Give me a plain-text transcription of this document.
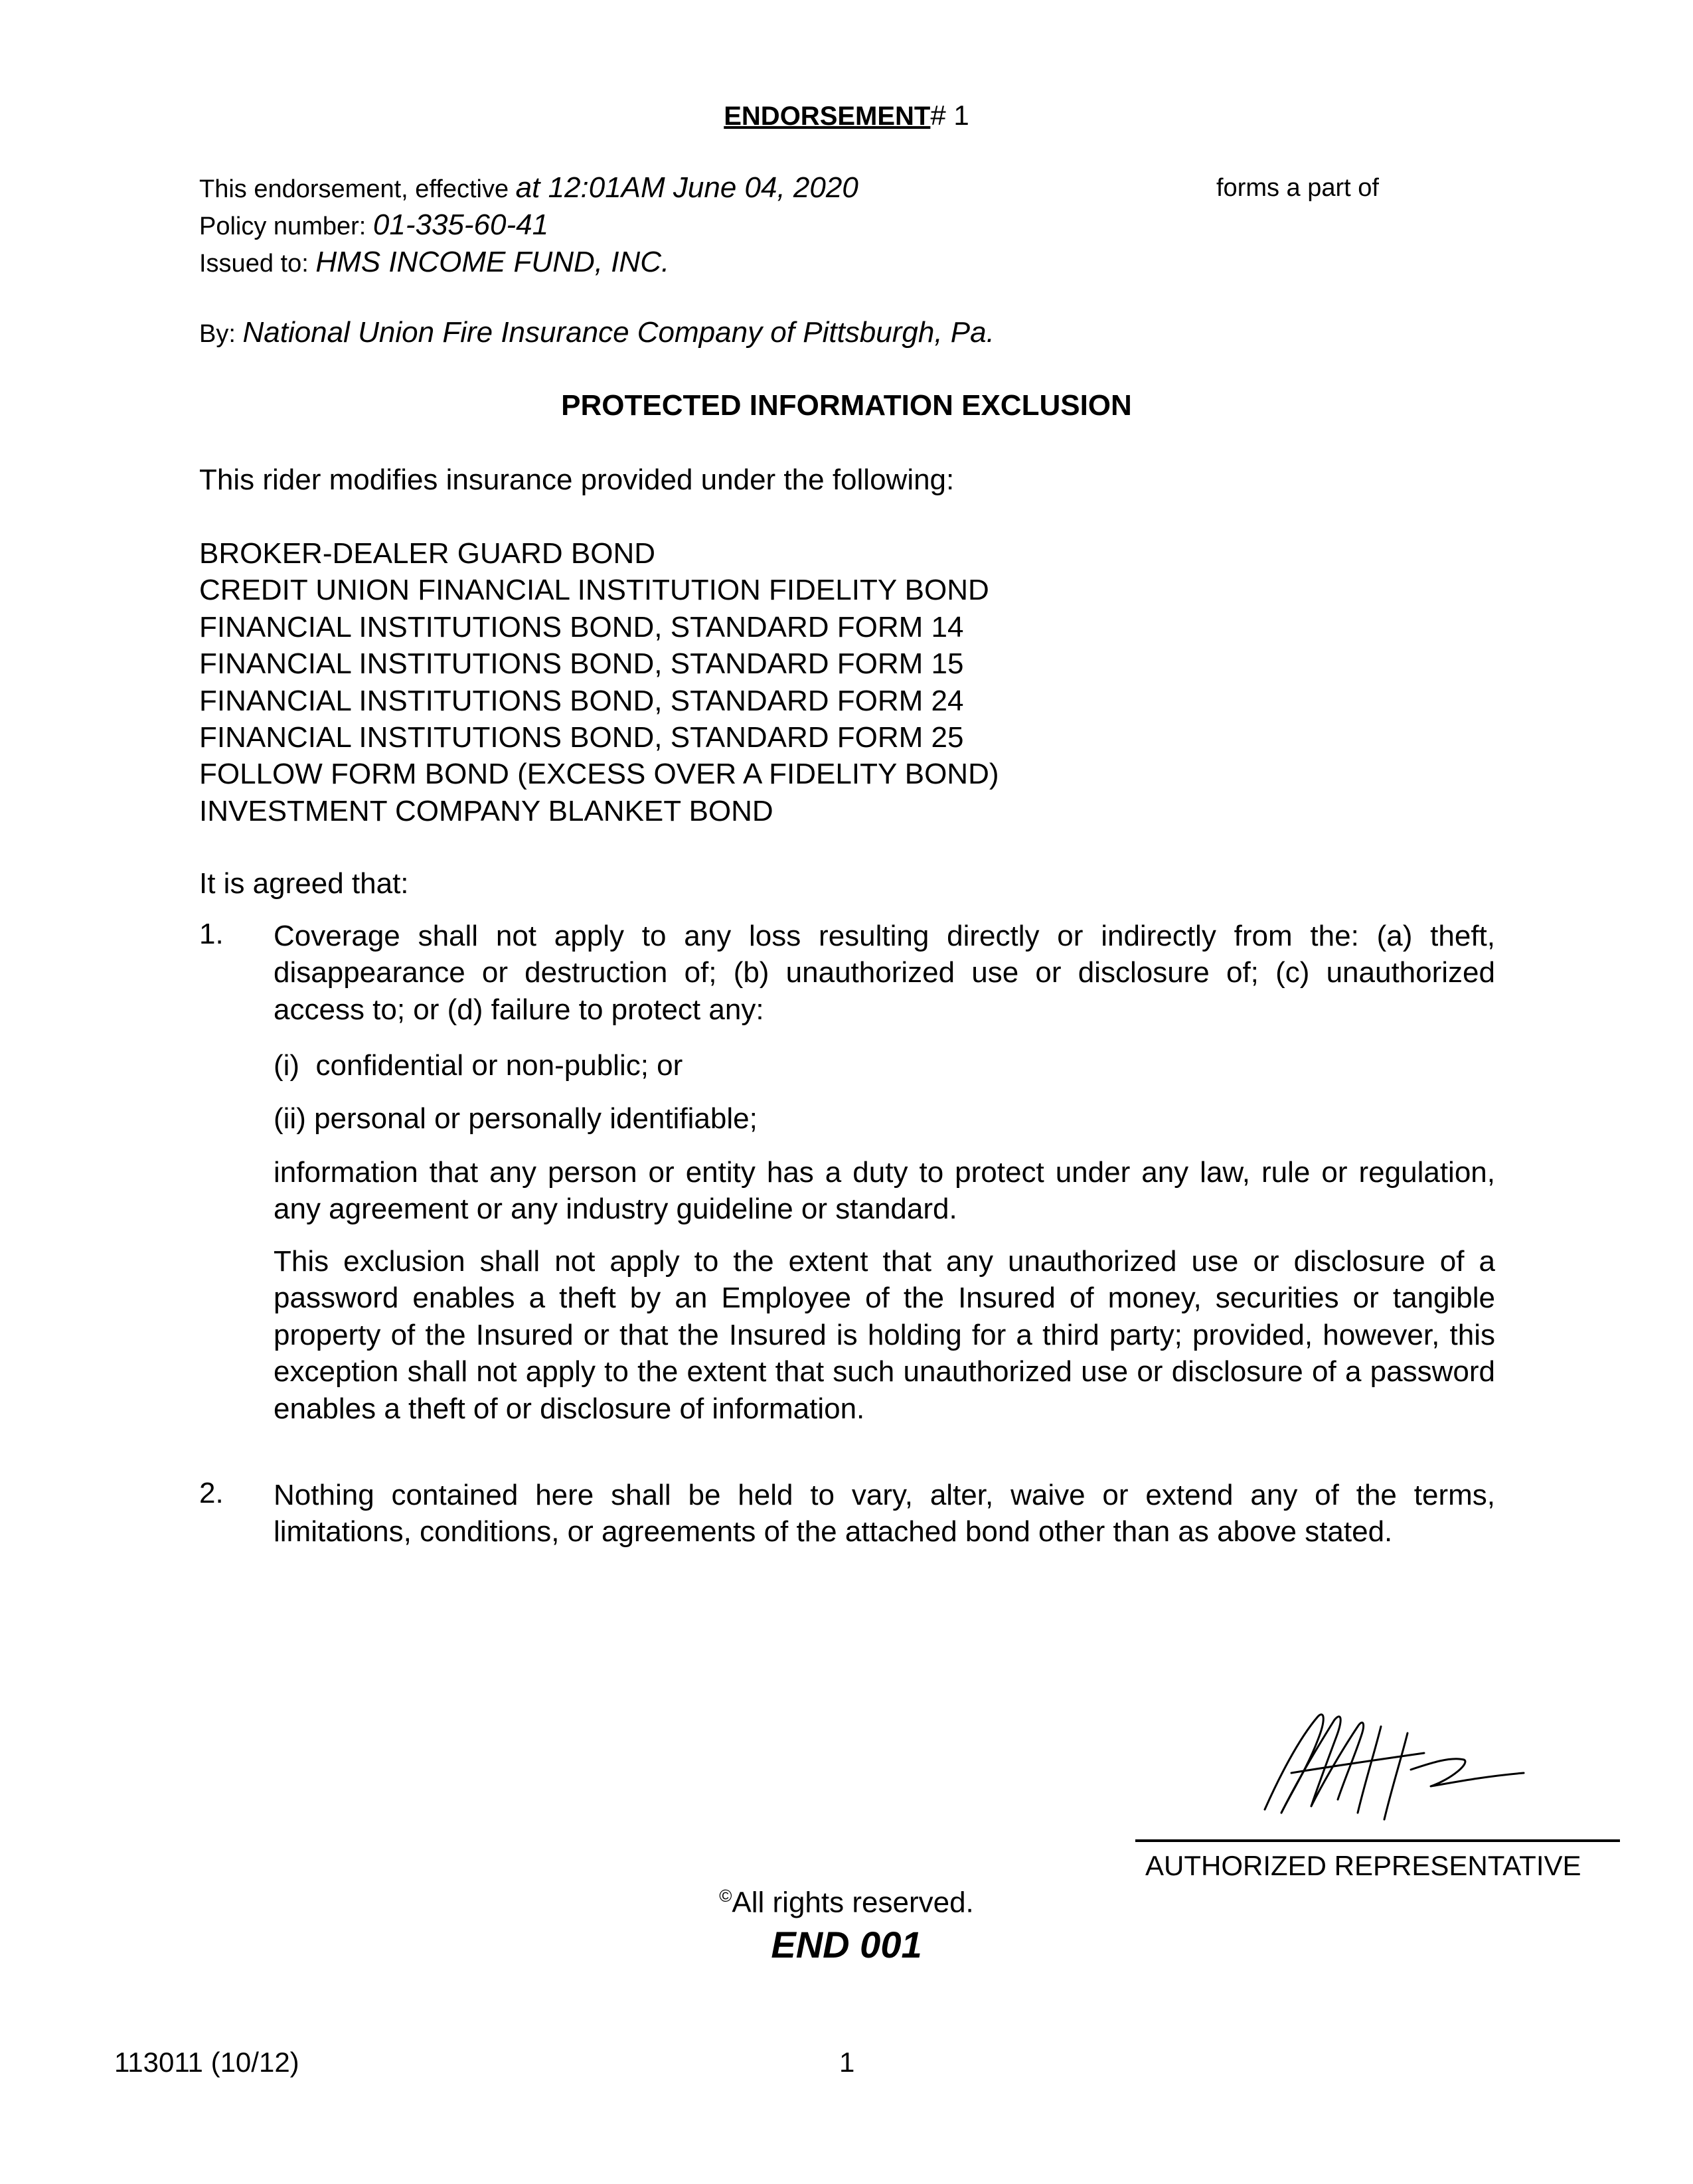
ENDORSEMENT# 1
This endorsement, effective at 12:01AM June 04, 2020	forms a part of
Policy number: 01-335-60-41
Issued to: HMS INCOME FUND, INC.
By: National Union Fire Insurance Company of Pittsburgh, Pa.
PROTECTED INFORMATION EXCLUSION
This rider modifies insurance provided under the following:
BROKER-DEALER GUARD BOND
CREDIT UNION FINANCIAL INSTITUTION FIDELITY BOND
FINANCIAL INSTITUTIONS BOND, STANDARD FORM 14
FINANCIAL INSTITUTIONS BOND, STANDARD FORM 15
FINANCIAL INSTITUTIONS BOND, STANDARD FORM 24
FINANCIAL INSTITUTIONS BOND, STANDARD FORM 25
FOLLOW FORM BOND (EXCESS OVER A FIDELITY BOND)
INVESTMENT COMPANY BLANKET BOND
It is agreed that:
1. Coverage shall not apply to any loss resulting directly or indirectly from the: (a) theft, disappearance or destruction of; (b) unauthorized use or disclosure of; (c) unauthorized access to; or (d) failure to protect any:
(i)  confidential or non-public; or
(ii) personal or personally identifiable;
information that any person or entity has a duty to protect under any law, rule or regulation, any agreement or any industry guideline or standard.
This exclusion shall not apply to the extent that any unauthorized use or disclosure of a password enables a theft by an Employee of the Insured of money, securities or tangible property of the Insured or that the Insured is holding for a third party; provided, however, this exception shall not apply to the extent that such unauthorized use or disclosure of a password enables a theft of or disclosure of information.
2. Nothing contained here shall be held to vary, alter, waive or extend any of the terms, limitations, conditions, or agreements of the attached bond other than as above stated.
AUTHORIZED REPRESENTATIVE
©All rights reserved.
END 001
113011 (10/12)	1
